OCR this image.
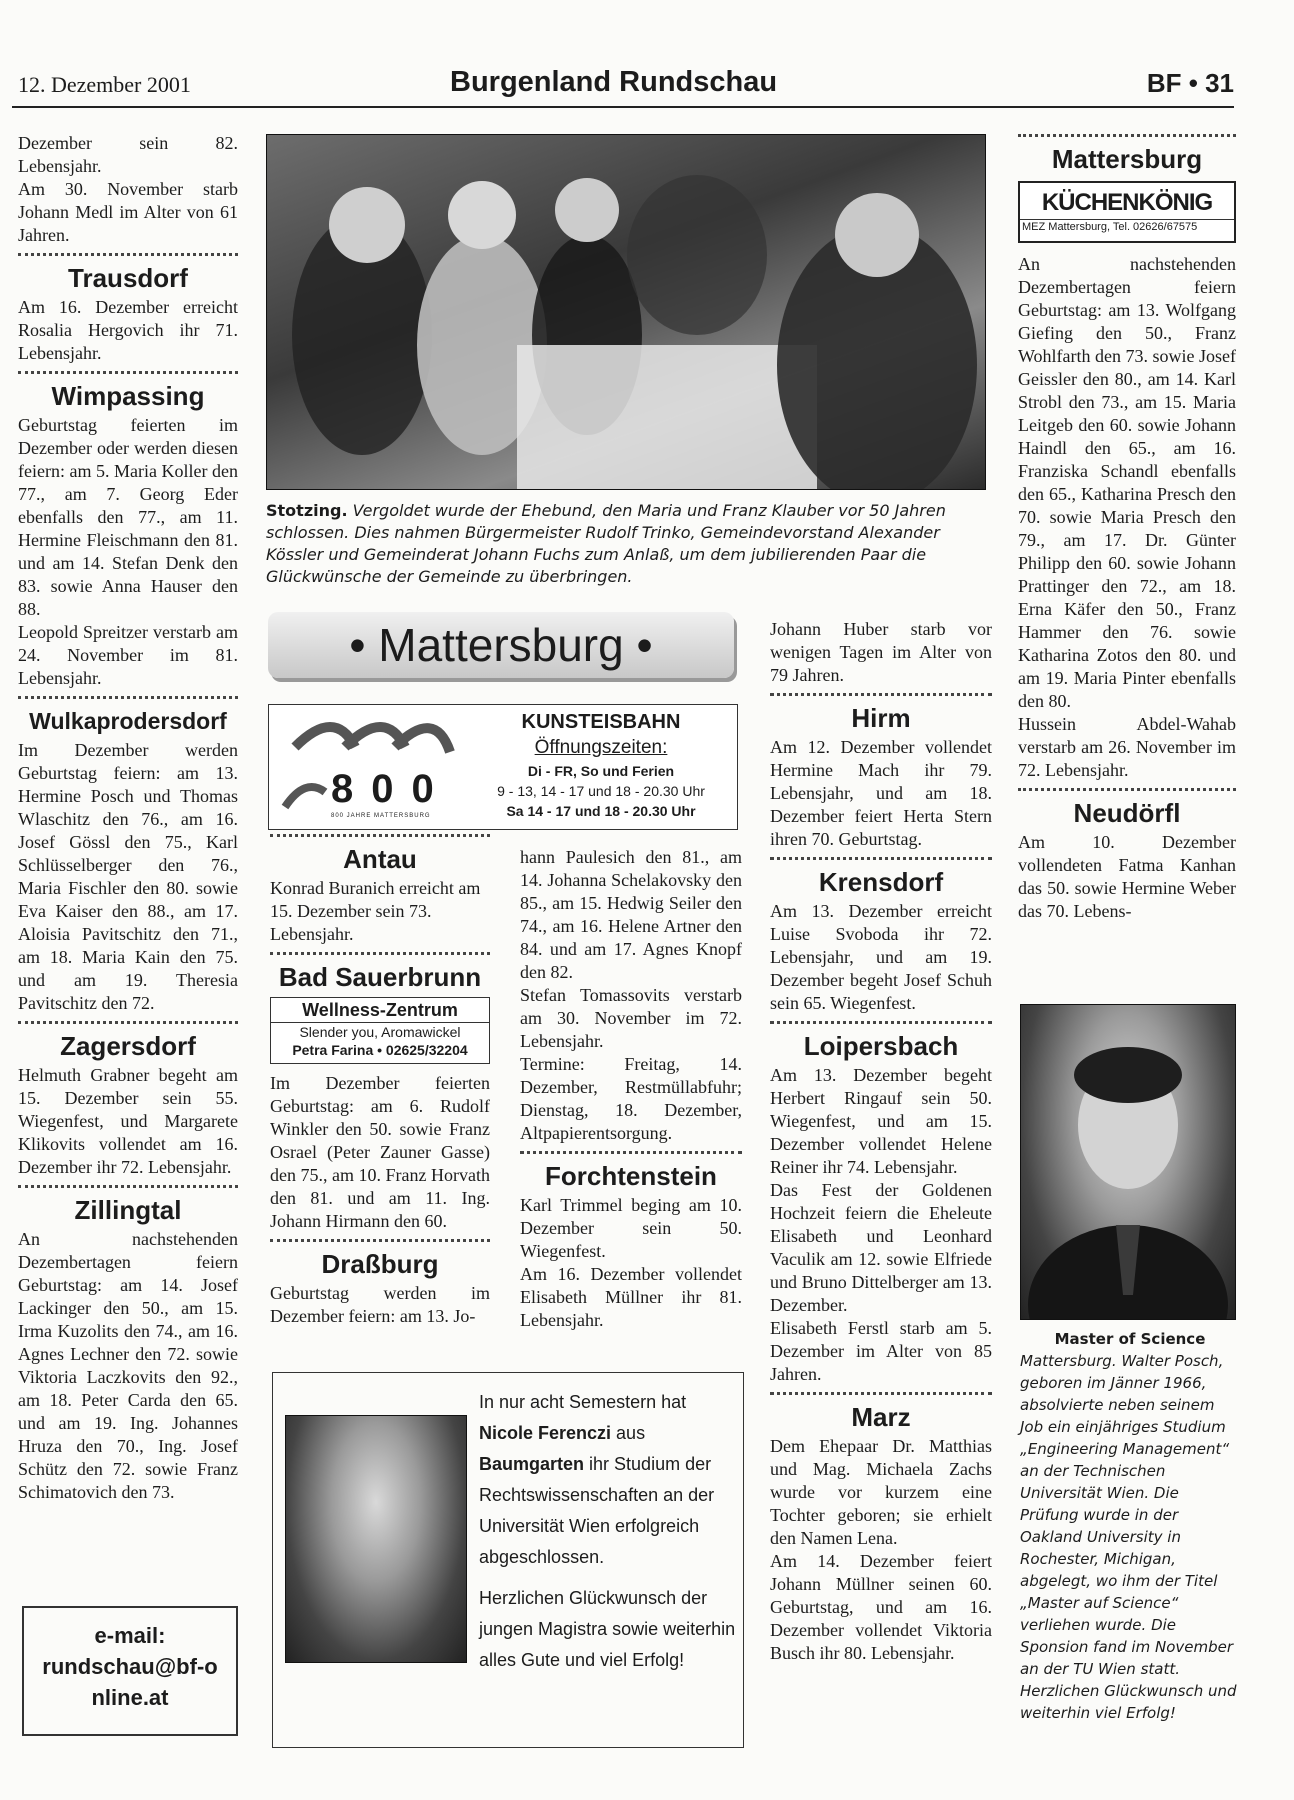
12. Dezember 2001	Burgenland Rundschau	BF • 31

Dezember sein 82. Lebensjahr.

Am 30. November starb Johann Medl im Alter von 61 Jahren.

Trausdorf

Am 16. Dezember erreicht Rosalia Hergovich ihr 71. Lebensjahr.

Wimpassing

Geburtstag feierten im Dezember oder werden diesen feiern: am 5. Maria Koller den 77., am 7. Georg Eder ebenfalls den 77., am 11. Hermine Fleischmann den 81. und am 14. Stefan Denk den 83. sowie Anna Hauser den 88.

Leopold Spreitzer verstarb am 24. November im 81. Lebensjahr.

Wulkaprodersdorf

Im Dezember werden Geburtstag feiern: am 13. Hermine Posch und Thomas Wlaschitz den 76., am 16. Josef Gössl den 75., Karl Schlüsselberger den 76., Maria Fischler den 80. sowie Eva Kaiser den 88., am 17. Aloisia Pavitschitz den 71., am 18. Maria Kain den 75. und am 19. Theresia Pavitschitz den 72.

Zagersdorf

Helmuth Grabner begeht am 15. Dezember sein 55. Wiegenfest, und Margarete Klikovits vollendet am 16. Dezember ihr 72. Lebensjahr.

Zillingtal

An nachstehenden Dezembertagen feiern Geburtstag: am 14. Josef Lackinger den 50., am 15. Irma Kuzolits den 74., am 16. Agnes Lechner den 72. sowie Viktoria Laczkovits den 92., am 18. Peter Carda den 65. und am 19. Ing. Johannes Hruza den 70., Ing. Josef Schütz den 72. sowie Franz Schimatovich den 73.

e-mail:
rundschau@bf-online.at
Stotzing. Vergoldet wurde der Ehebund, den Maria und Franz Klauber vor 50 Jahren schlossen. Dies nahmen Bürgermeister Rudolf Trinko, Gemeindevorstand Alexander Kössler und Gemeinderat Johann Fuchs zum Anlaß, um dem jubilierenden Paar die Glückwünsche der Gemeinde zu überbringen.
• Mattersburg •
800
800 JAHRE MATTERSBURG
KUNSTEISBAHN
Öffnungszeiten:
Di - FR, So und Ferien
9 - 13, 14 - 17 und 18 - 20.30 Uhr
Sa 14 - 17 und 18 - 20.30 Uhr
Antau

Konrad Buranich erreicht am 15. Dezember sein 73. Lebensjahr.

Bad Sauerbrunn
Wellness-Zentrum
Slender you, Aromawickel
Petra Farina • 02625/32204

Im Dezember feierten Geburtstag: am 6. Rudolf Winkler den 50. sowie Franz Osrael (Peter Zauner Gasse) den 75., am 10. Franz Horvath den 81. und am 11. Ing. Johann Hirmann den 60.

Draßburg

Geburtstag werden im Dezember feiern: am 13. Jo-

hann Paulesich den 81., am 14. Johanna Schelakovsky den 85., am 15. Hedwig Seiler den 74., am 16. Helene Artner den 84. und am 17. Agnes Knopf den 82.

Stefan Tomassovits verstarb am 30. November im 72. Lebensjahr.

Termine: Freitag, 14. Dezember, Restmüllabfuhr; Dienstag, 18. Dezember, Altpapierentsorgung.

Forchtenstein

Karl Trimmel beging am 10. Dezember sein 50. Wiegenfest.

Am 16. Dezember vollendet Elisabeth Müllner ihr 81. Lebensjahr.

In nur acht Semestern hat Nicole Ferenczi aus Baumgarten ihr Studium der Rechtswissenschaften an der Universität Wien erfolgreich abgeschlossen.
Herzlichen Glückwunsch der jungen Magistra sowie weiterhin alles Gute und viel Erfolg!

Johann Huber starb vor wenigen Tagen im Alter von 79 Jahren.

Hirm

Am 12. Dezember vollendet Hermine Mach ihr 79. Lebensjahr, und am 18. Dezember feiert Herta Stern ihren 70. Geburtstag.

Krensdorf

Am 13. Dezember erreicht Luise Svoboda ihr 72. Lebensjahr, und am 19. Dezember begeht Josef Schuh sein 65. Wiegenfest.

Loipersbach

Am 13. Dezember begeht Herbert Ringauf sein 50. Wiegenfest, und am 15. Dezember vollendet Helene Reiner ihr 74. Lebensjahr.

Das Fest der Goldenen Hochzeit feiern die Eheleute Elisabeth und Leonhard Vaculik am 12. sowie Elfriede und Bruno Dittelberger am 13. Dezember.

Elisabeth Ferstl starb am 5. Dezember im Alter von 85 Jahren.

Marz

Dem Ehepaar Dr. Matthias und Mag. Michaela Zachs wurde vor kurzem eine Tochter geboren; sie erhielt den Namen Lena.

Am 14. Dezember feiert Johann Müllner seinen 60. Geburtstag, und am 16. Dezember vollendet Viktoria Busch ihr 80. Lebensjahr.

Mattersburg
KÜCHENKÖNIG
MEZ Mattersburg, Tel. 02626/67575

An nachstehenden Dezembertagen feiern Geburtstag: am 13. Wolfgang Giefing den 50., Franz Wohlfarth den 73. sowie Josef Geissler den 80., am 14. Karl Strobl den 73., am 15. Maria Leitgeb den 60. sowie Johann Haindl den 65., am 16. Franziska Schandl ebenfalls den 65., Katharina Presch den 70. sowie Maria Presch den 79., am 17. Dr. Günter Philipp den 60. sowie Johann Prattinger den 72., am 18. Erna Käfer den 50., Franz Hammer den 76. sowie Katharina Zotos den 80. und am 19. Maria Pinter ebenfalls den 80.

Hussein Abdel-Wahab verstarb am 26. November im 72. Lebensjahr.

Neudörfl

Am 10. Dezember vollendeten Fatma Kanhan das 50. sowie Hermine Weber das 70. Lebens-

Master of Science
Mattersburg. Walter Posch, geboren im Jänner 1966, absolvierte neben seinem Job ein einjähriges Studium „Engineering Management“ an der Technischen Universität Wien. Die Prüfung wurde in der Oakland University in Rochester, Michigan, abgelegt, wo ihm der Titel „Master auf Science“ verliehen wurde. Die Sponsion fand im November an der TU Wien statt. Herzlichen Glückwunsch und weiterhin viel Erfolg!
